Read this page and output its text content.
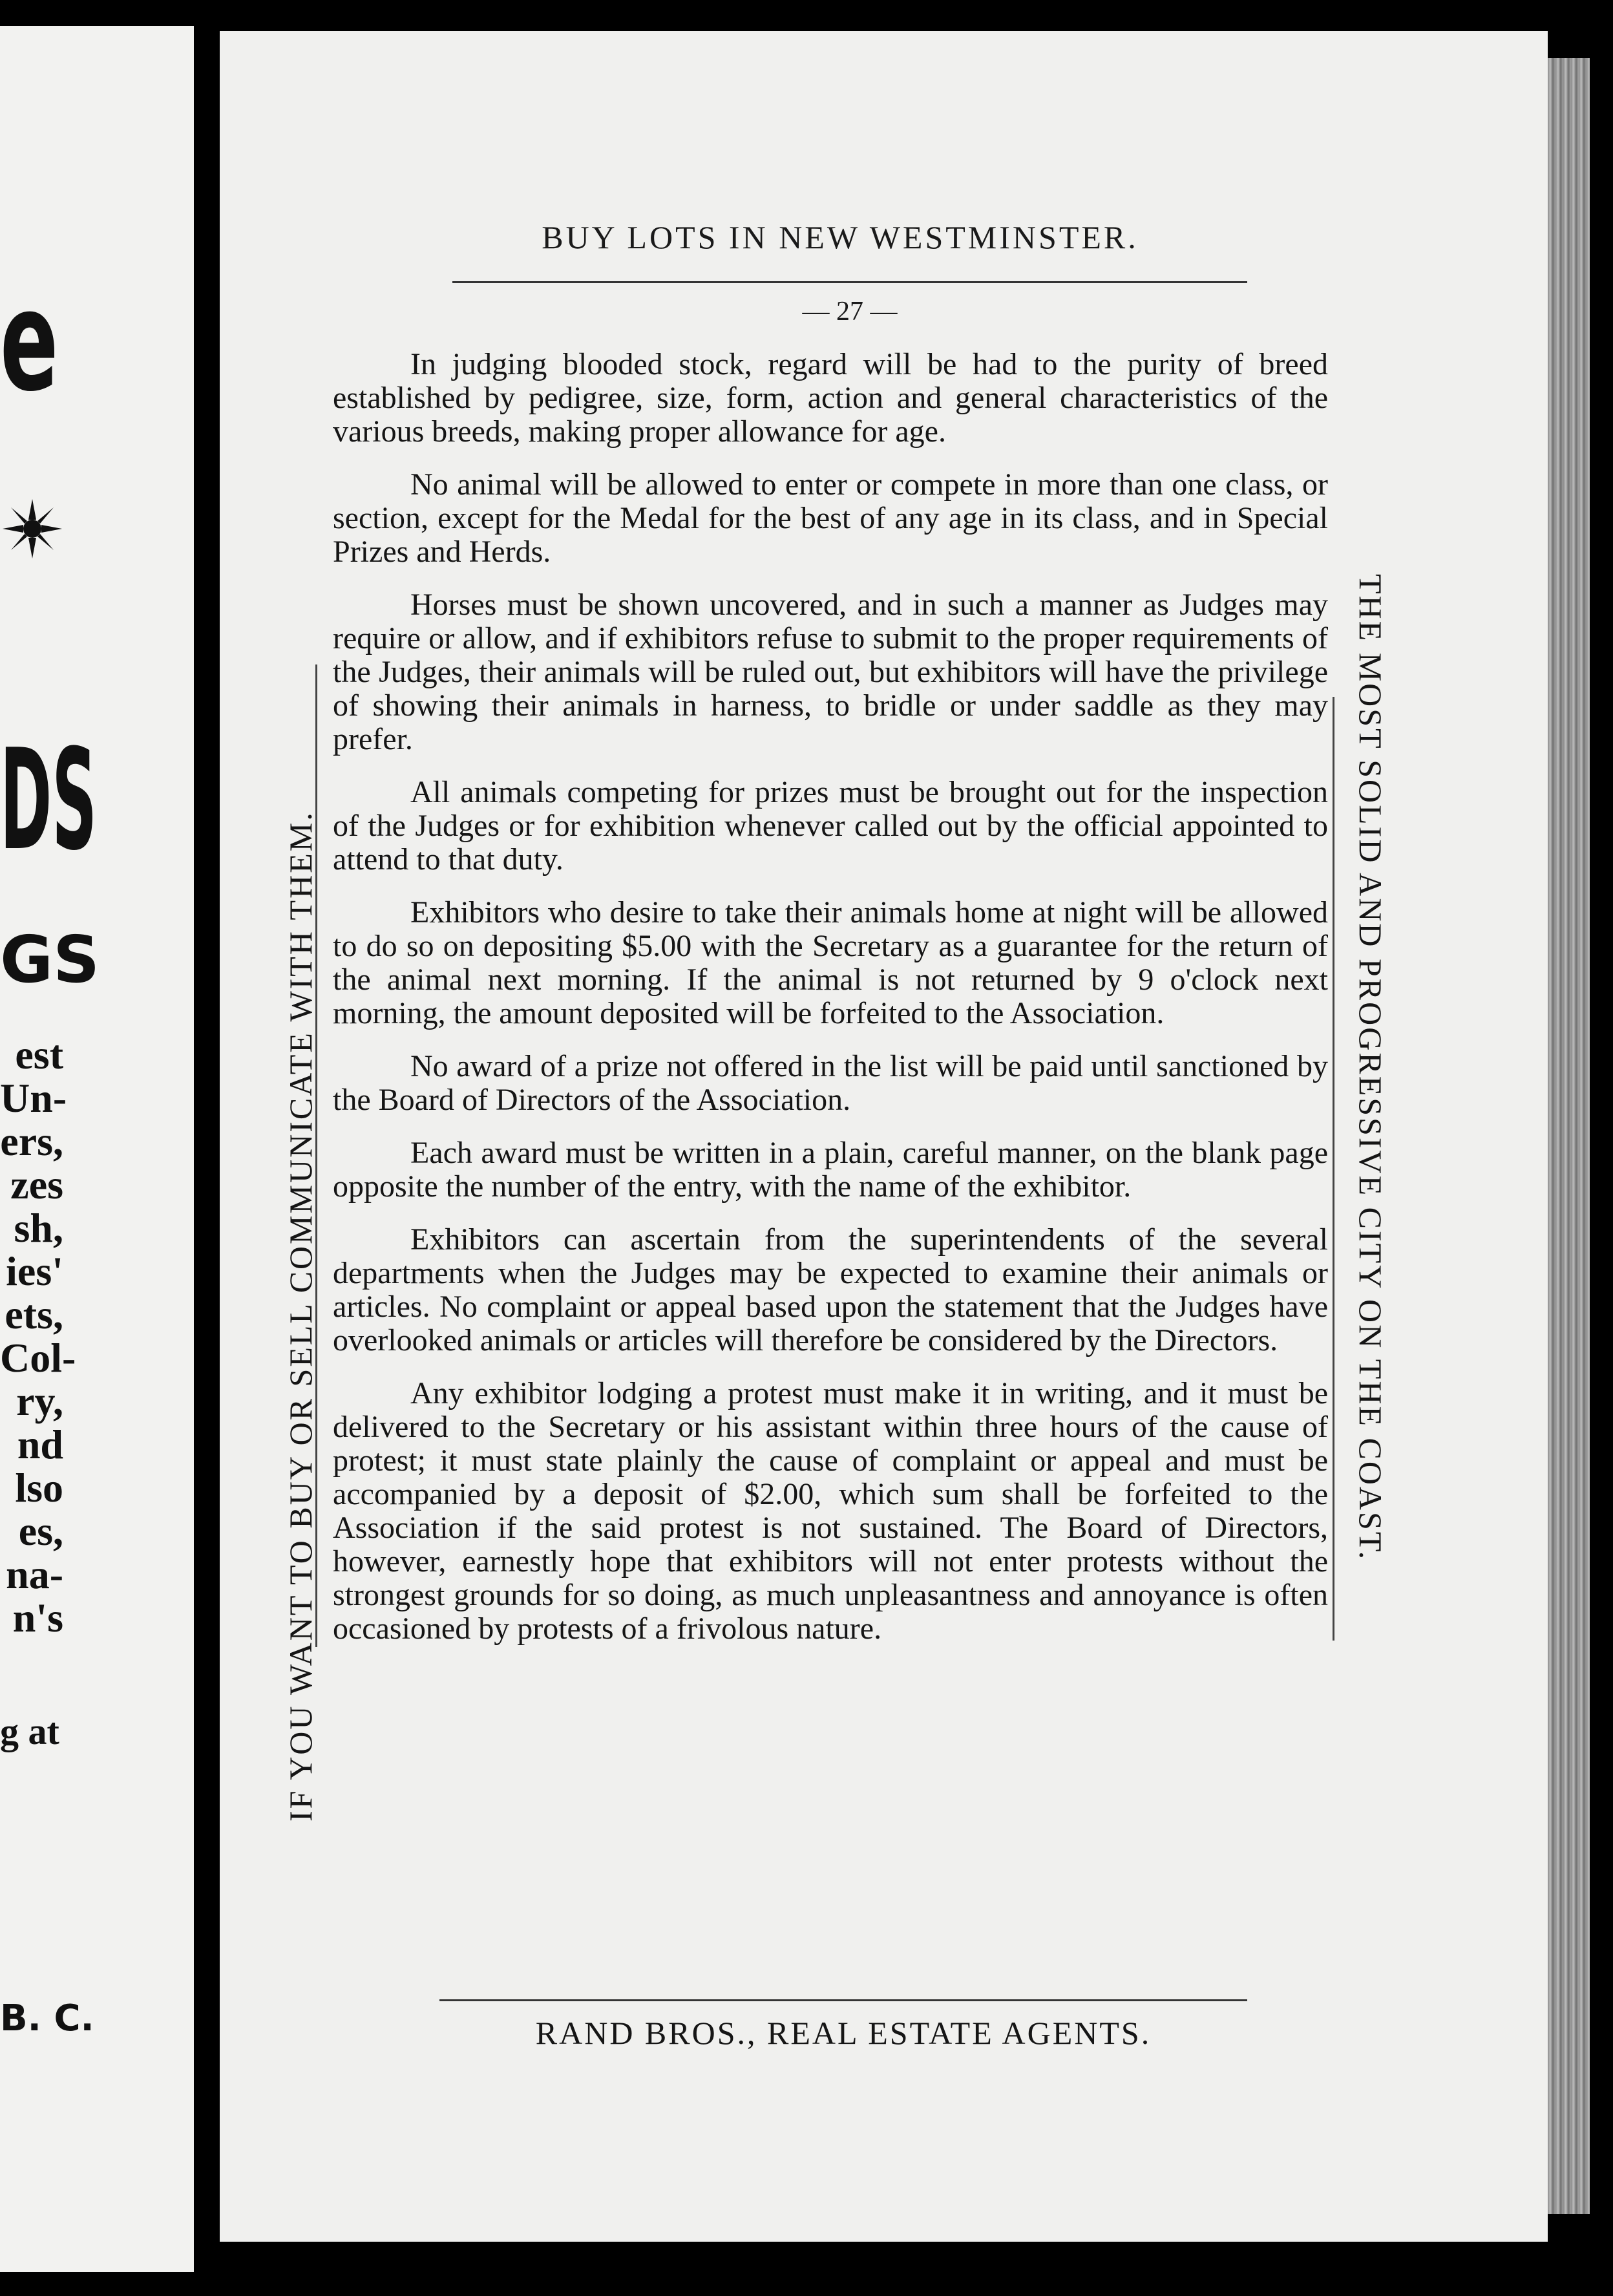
e
DS
GS
est
Un-
ers,
zes
sh,
ies'
ets,
Col-
ry,
nd
lso
es,
na-
n's
g at
B. C.
BUY LOTS IN NEW WESTMINSTER.
— 27 —
IF YOU WANT TO BUY OR SELL COMMUNICATE WITH THEM.

In judging blooded stock, regard will be had to the purity of breed established by pedigree, size, form, action and general characteristics of the various breeds, making proper allowance for age.

No animal will be allowed to enter or compete in more than one class, or section, except for the Medal for the best of any age in its class, and in Special Prizes and Herds.

Horses must be shown uncovered, and in such a manner as Judges may require or allow, and if exhibitors refuse to submit to the proper requirements of the Judges, their animals will be ruled out, but exhibitors will have the privilege of showing their animals in harness, to bridle or under saddle as they may prefer.

All animals competing for prizes must be brought out for the inspection of the Judges or for exhibition whenever called out by the official appointed to attend to that duty.

Exhibitors who desire to take their animals home at night will be allowed to do so on depositing $5.00 with the Secretary as a guarantee for the return of the animal next morning. If the animal is not returned by 9 o'clock next morning, the amount deposited will be forfeited to the Association.

No award of a prize not offered in the list will be paid until sanctioned by the Board of Directors of the Association.

Each award must be written in a plain, careful manner, on the blank page opposite the number of the entry, with the name of the exhibitor.

Exhibitors can ascertain from the superintendents of the several departments when the Judges may be expected to examine their animals or articles. No complaint or appeal based upon the statement that the Judges have overlooked animals or articles will therefore be considered by the Directors.

Any exhibitor lodging a protest must make it in writing, and it must be delivered to the Secretary or his assistant within three hours of the cause of protest; it must state plainly the cause of complaint or appeal and must be accompanied by a deposit of $2.00, which sum shall be forfeited to the Association if the said protest is not sustained. The Board of Directors, however, earnestly hope that exhibitors will not enter protests without the strongest grounds for so doing, as much unpleasantness and annoyance is often occasioned by protests of a frivolous nature.

THE MOST SOLID AND PROGRESSIVE CITY ON THE COAST.
RAND BROS., REAL ESTATE AGENTS.
